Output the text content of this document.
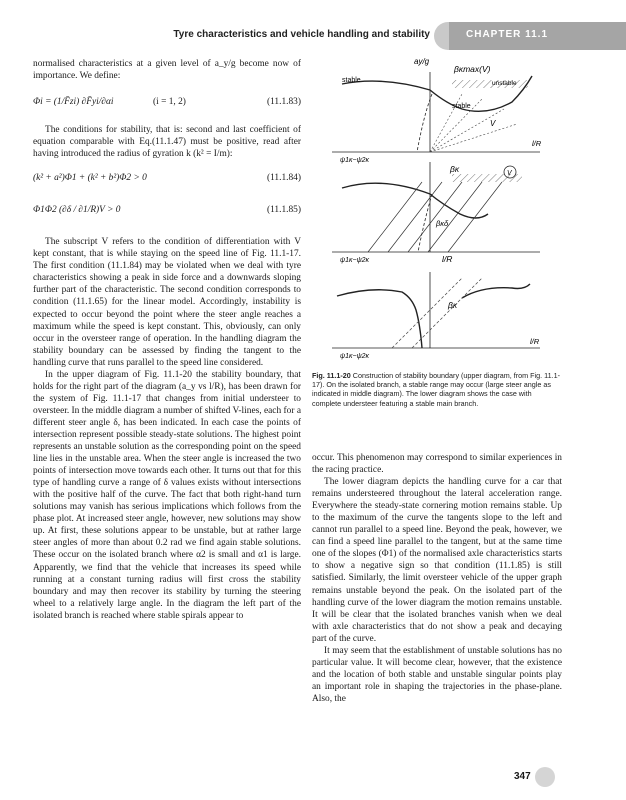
Tyre characteristics and vehicle handling and stability	CHAPTER 11.1

normalised characteristics at a given level of a_y/g become now of importance. We define:

Φi = (1/F̄zi) ∂F̄yi/∂αi	(i = 1, 2)	(11.1.83)

The conditions for stability, that is: second and last coefficient of equation comparable with Eq.(11.1.47) must be positive, read after having introduced the radius of gyration k (k² = I/m):

(k² + a²)Φ1 + (k² + b²)Φ2 > 0	(11.1.84)
Φ1Φ2 (∂δ / ∂1/R)V > 0	(11.1.85)

The subscript V refers to the condition of differentiation with V kept constant, that is while staying on the speed line of Fig. 11.1-17. The first condition (11.1.84) may be violated when we deal with tyre characteristics showing a peak in side force and a downwards sloping further part of the characteristic. The second condition corresponds to condition (11.1.65) for the linear model. Accordingly, instability is expected to occur beyond the point where the steer angle reaches a maximum while the speed is kept constant. This, obviously, can only occur in the oversteer range of operation. In the handling diagram the stability boundary can be assessed by finding the tangent to the handling curve that runs parallel to the speed line considered.

In the upper diagram of Fig. 11.1-20 the stability boundary, that holds for the right part of the diagram (a_y vs l/R), has been drawn for the system of Fig. 11.1-17 that changes from initial understeer to oversteer. In the middle diagram a number of shifted V-lines, each for a different steer angle δ, has been indicated. In each case the points of intersection represent possible steady-state solutions. The highest point represents an unstable solution as the corresponding point on the speed line lies in the unstable area. When the steer angle is increased the two points of intersection move towards each other. It turns out that for this type of handling curve a range of δ values exists without intersections with the positive half of the curve. The fact that both right-hand turn solutions may vanish has serious implications which follows from the phase plot. At increased steer angle, however, new solutions may show up. At first, these solutions appear to be unstable, but at rather large steer angles of more than about 0.2 rad we find again stable solutions. These occur on the isolated branch where α2 is small and α1 is large. Apparently, we find that the vehicle that increases its speed while running at a constant turning radius will first cross the stability boundary and may then recover its stability by turning the steering wheel to a relatively large angle. In the diagram the left part of the isolated branch is reached where stable spirals appear to

ay/g
βκmax(V)
unstable
stable
stable
V
ψ1κ−ψ2κ
l/R
V
βκ
βκδ
ψ1κ−ψ2κ	l/R
βκ
ψ1κ−ψ2κ
l/R
Fig. 11.1-20 Construction of stability boundary (upper diagram, from Fig. 11.1-17). On the isolated branch, a stable range may occur (large steer angle as indicated in middle diagram). The lower diagram shows the case with complete understeer featuring a stable main branch.

occur. This phenomenon may correspond to similar experiences in the racing practice.

The lower diagram depicts the handling curve for a car that remains understeered throughout the lateral acceleration range. Everywhere the steady-state cornering motion remains stable. Up to the maximum of the curve the tangents slope to the left and cannot run parallel to a speed line. Beyond the peak, however, we can find a speed line parallel to the tangent, but at the same time one of the slopes (Φ1) of the normalised axle characteristics starts to show a negative sign so that condition (11.1.85) is still satisfied. Similarly, the limit oversteer vehicle of the upper graph remains unstable beyond the peak. On the isolated part of the handling curve of the lower diagram the motion remains unstable. It will be clear that the isolated branches vanish when we deal with axle characteristics that do not show a peak and decaying part of the curve.

It may seem that the establishment of unstable solutions has no particular value. It will become clear, however, that the existence and the location of both stable and unstable singular points play an important role in shaping the trajectories in the phase-plane. Also, the

347
